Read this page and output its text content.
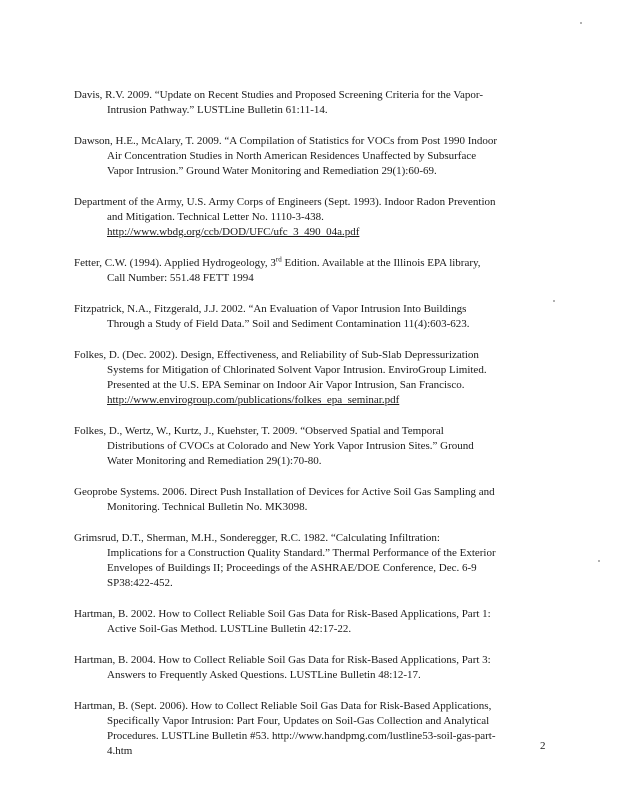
Davis, R.V. 2009. “Update on Recent Studies and Proposed Screening Criteria for the Vapor-
Intrusion Pathway.” LUSTLine Bulletin 61:11-14.

Dawson, H.E., McAlary, T. 2009. “A Compilation of Statistics for VOCs from Post 1990 Indoor
Air Concentration Studies in North American Residences Unaffected by Subsurface
Vapor Intrusion.” Ground Water Monitoring and Remediation 29(1):60-69.

Department of the Army, U.S. Army Corps of Engineers (Sept. 1993). Indoor Radon Prevention
and Mitigation. Technical Letter No. 1110-3-438.
http://www.wbdg.org/ccb/DOD/UFC/ufc_3_490_04a.pdf

Fetter, C.W. (1994). Applied Hydrogeology, 3rd Edition. Available at the Illinois EPA library,
Call Number: 551.48 FETT 1994

Fitzpatrick, N.A., Fitzgerald, J.J. 2002. “An Evaluation of Vapor Intrusion Into Buildings
Through a Study of Field Data.” Soil and Sediment Contamination 11(4):603-623.

Folkes, D. (Dec. 2002). Design, Effectiveness, and Reliability of Sub-Slab Depressurization
Systems for Mitigation of Chlorinated Solvent Vapor Intrusion. EnviroGroup Limited.
Presented at the U.S. EPA Seminar on Indoor Air Vapor Intrusion, San Francisco.
http://www.envirogroup.com/publications/folkes_epa_seminar.pdf

Folkes, D., Wertz, W., Kurtz, J., Kuehster, T. 2009. “Observed Spatial and Temporal
Distributions of CVOCs at Colorado and New York Vapor Intrusion Sites.” Ground
Water Monitoring and Remediation 29(1):70-80.

Geoprobe Systems. 2006. Direct Push Installation of Devices for Active Soil Gas Sampling and
Monitoring. Technical Bulletin No. MK3098.

Grimsrud, D.T., Sherman, M.H., Sonderegger, R.C. 1982. “Calculating Infiltration:
Implications for a Construction Quality Standard.” Thermal Performance of the Exterior
Envelopes of Buildings II; Proceedings of the ASHRAE/DOE Conference, Dec. 6-9
SP38:422-452.

Hartman, B. 2002. How to Collect Reliable Soil Gas Data for Risk-Based Applications, Part 1:
Active Soil-Gas Method. LUSTLine Bulletin 42:17-22.

Hartman, B. 2004. How to Collect Reliable Soil Gas Data for Risk-Based Applications, Part 3:
Answers to Frequently Asked Questions. LUSTLine Bulletin 48:12-17.

Hartman, B. (Sept. 2006). How to Collect Reliable Soil Gas Data for Risk-Based Applications,
Specifically Vapor Intrusion: Part Four, Updates on Soil-Gas Collection and Analytical
Procedures. LUSTLine Bulletin #53. http://www.handpmg.com/lustline53-soil-gas-part-
4.htm	2
